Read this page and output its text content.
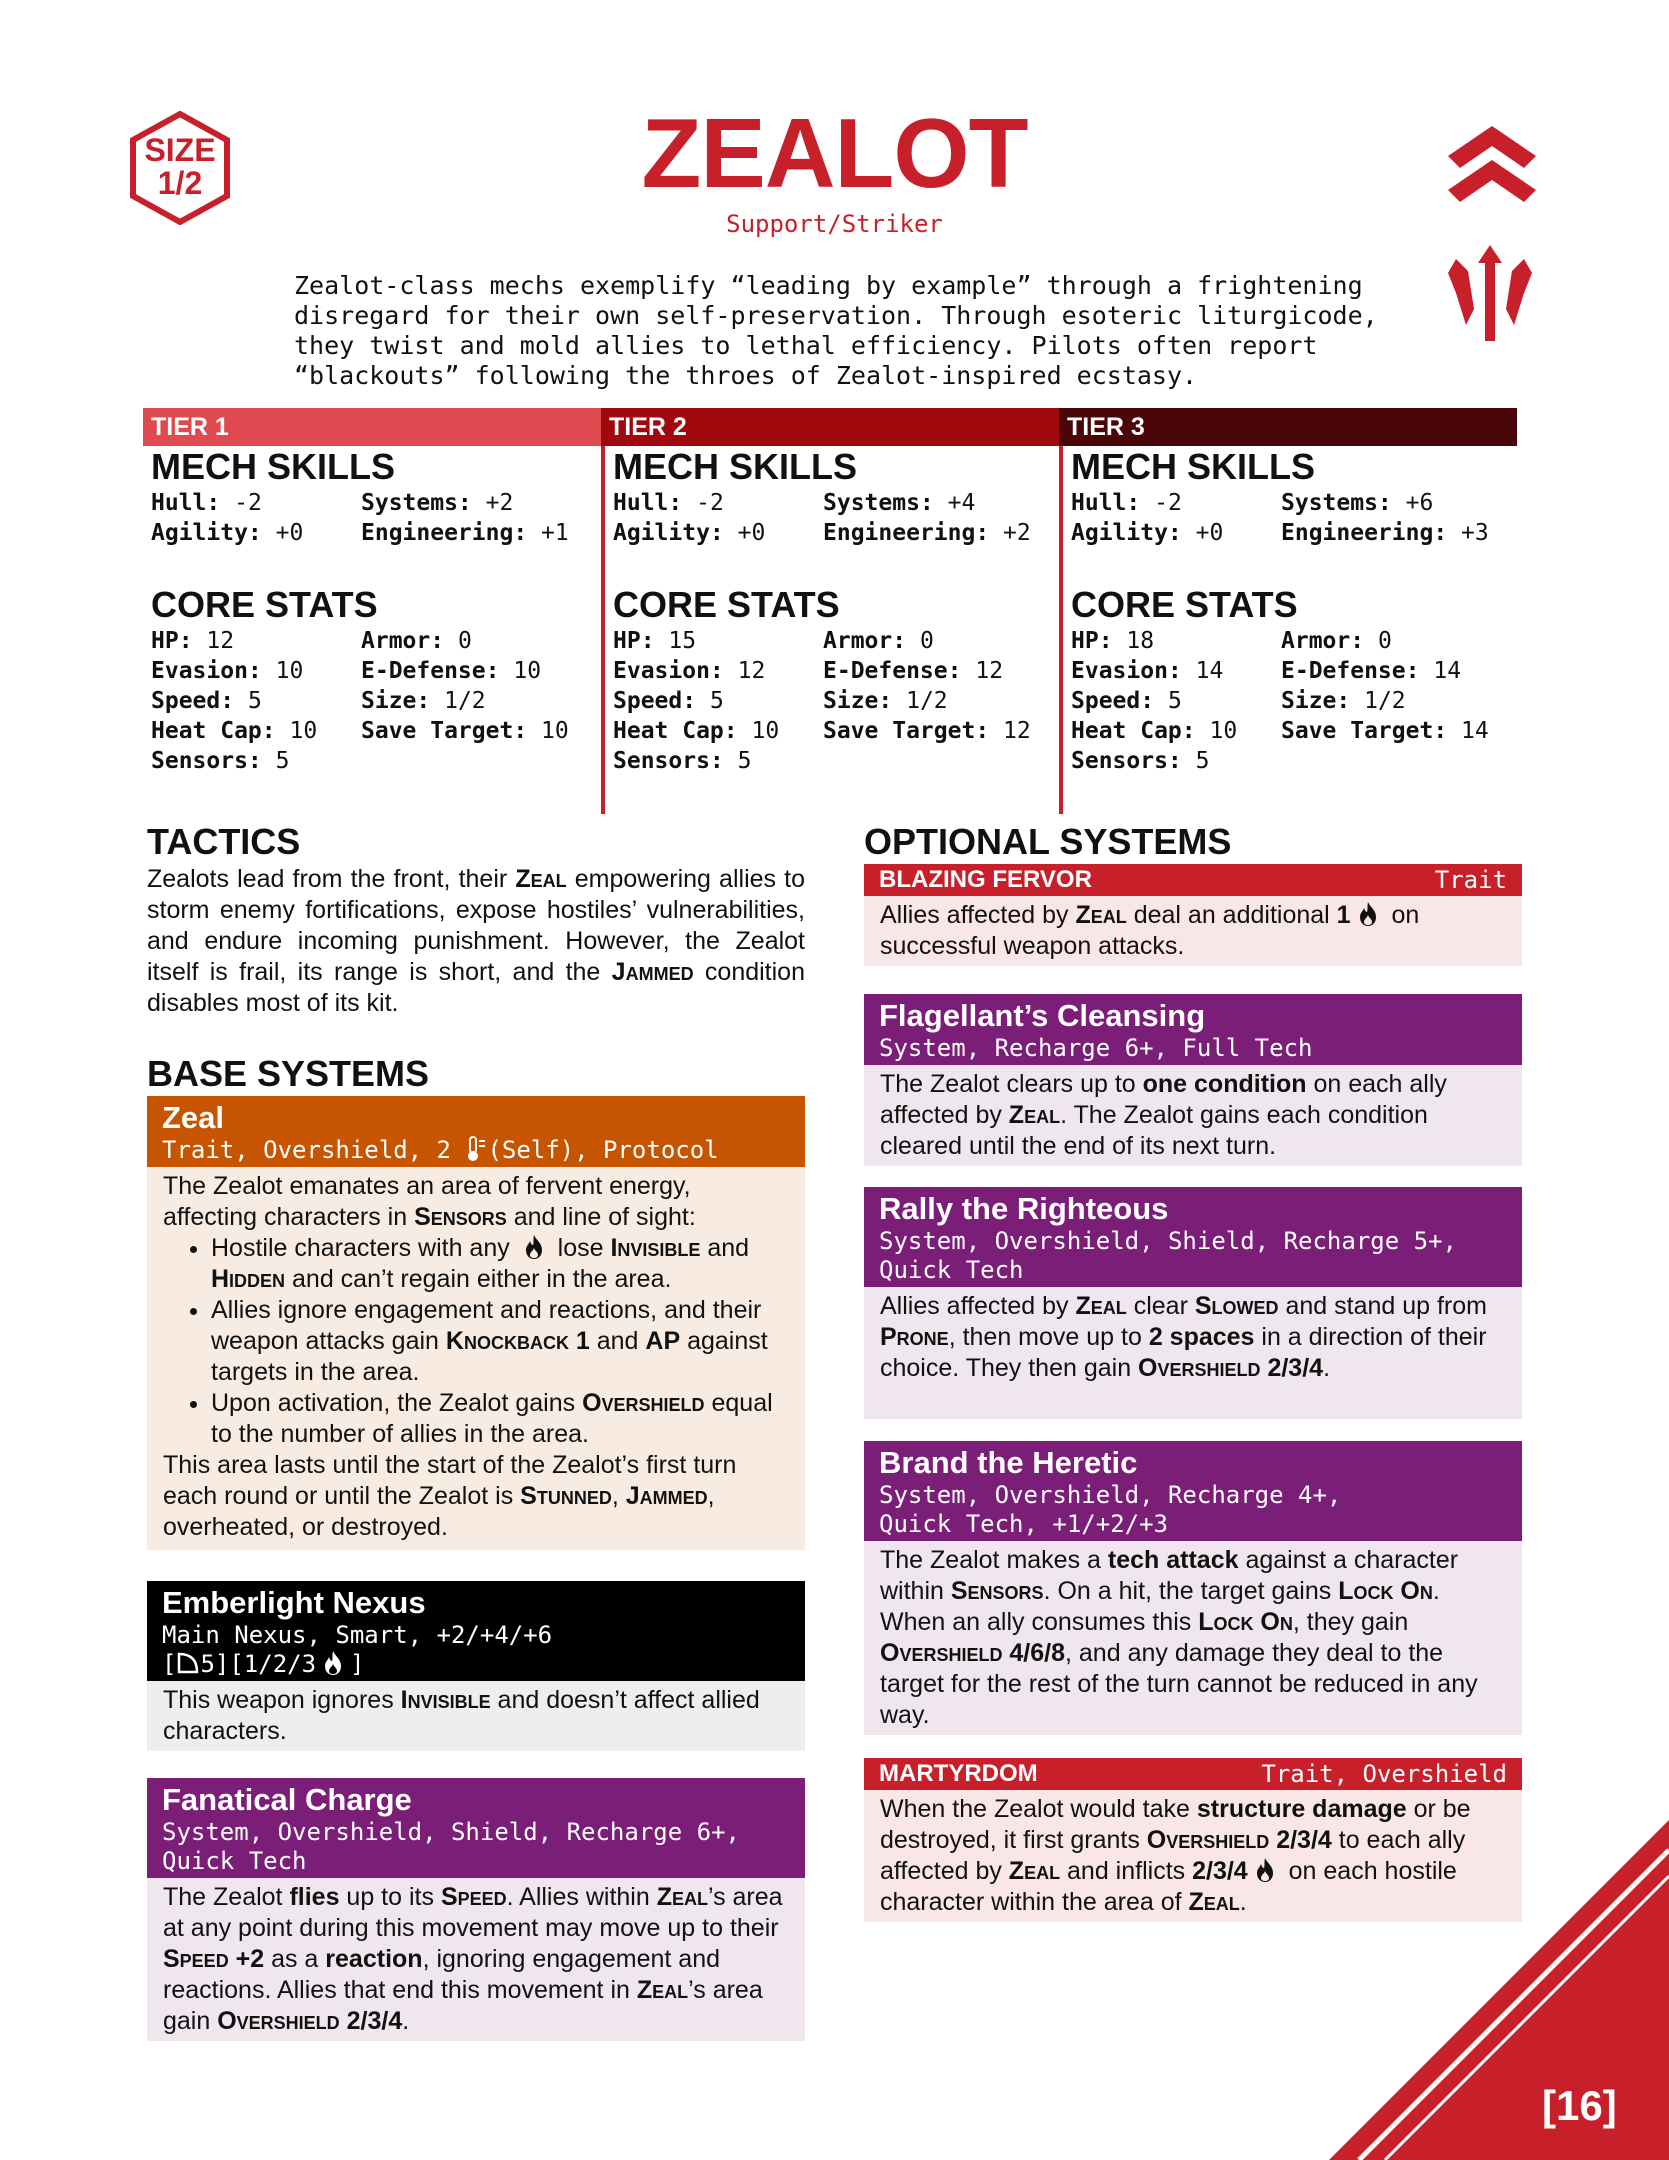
SIZE
1/2	ZEALOT
Support/Striker
Zealot-class mechs exemplify “leading by example” through a frightening
disregard for their own self-preservation. Through esoteric liturgicode,
they twist and mold allies to lethal efficiency. Pilots often report
“blackouts” following the throes of Zealot-inspired ecstasy.
TIER 1
MECH SKILLS
Hull: -2	Systems: +2
Agility: +0	Engineering: +1
CORE STATS
HP: 12	Armor: 0
Evasion: 10	E-Defense: 10
Speed: 5	Size: 1/2
Heat Cap: 10	Save Target: 10
Sensors: 5
TIER 2
MECH SKILLS
Hull: -2	Systems: +4
Agility: +0	Engineering: +2
CORE STATS
HP: 15	Armor: 0
Evasion: 12	E-Defense: 12
Speed: 5	Size: 1/2
Heat Cap: 10	Save Target: 12
Sensors: 5
TIER 3
MECH SKILLS
Hull: -2	Systems: +6
Agility: +0	Engineering: +3
CORE STATS
HP: 18	Armor: 0
Evasion: 14	E-Defense: 14
Speed: 5	Size: 1/2
Heat Cap: 10	Save Target: 14
Sensors: 5
TACTICS
Zealots lead from the front, their Zeal empowering allies to storm enemy fortifications, expose hostiles’ vulnerabilities, and endure incoming punishment. However, the Zealot itself is frail, its range is short, and the Jammed condition disables most of its kit.
BASE SYSTEMS
Zeal
Trait, Overshield, 2 (Self), Protocol
The Zealot emanates an area of fervent energy, affecting characters in Sensors and line of sight:
• Hostile characters with any  lose Invisible and Hidden and can’t regain either in the area.
• Allies ignore engagement and reactions, and their weapon attacks gain Knockback 1 and AP against targets in the area.
• Upon activation, the Zealot gains Overshield equal to the number of allies in the area.
This area lasts until the start of the Zealot’s first turn each round or until the Zealot is Stunned, Jammed, overheated, or destroyed.
Emberlight Nexus
Main Nexus, Smart, +2/+4/+6
[ 5][1/2/3 ]
This weapon ignores Invisible and doesn’t affect allied characters.
Fanatical Charge
System, Overshield, Shield, Recharge 6+, Quick Tech
The Zealot flies up to its Speed. Allies within Zeal’s area at any point during this movement may move up to their Speed +2 as a reaction, ignoring engagement and reactions. Allies that end this movement in Zeal’s area gain Overshield 2/3/4.
OPTIONAL SYSTEMS
BLAZING FERVOR	Trait
Allies affected by Zeal deal an additional 1 on successful weapon attacks.
Flagellant’s Cleansing
System, Recharge 6+, Full Tech
The Zealot clears up to one condition on each ally affected by Zeal. The Zealot gains each condition cleared until the end of its next turn.
Rally the Righteous
System, Overshield, Shield, Recharge 5+, Quick Tech
Allies affected by Zeal clear Slowed and stand up from Prone, then move up to 2 spaces in a direction of their choice. They then gain Overshield 2/3/4.
Brand the Heretic
System, Overshield, Recharge 4+,
Quick Tech, +1/+2/+3
The Zealot makes a tech attack against a character within Sensors. On a hit, the target gains Lock On. When an ally consumes this Lock On, they gain Overshield 4/6/8, and any damage they deal to the target for the rest of the turn cannot be reduced in any way.
MARTYRDOM	Trait, Overshield
When the Zealot would take structure damage or be destroyed, it first grants Overshield 2/3/4 to each ally affected by Zeal and inflicts 2/3/4 on each hostile character within the area of Zeal.
[16]
